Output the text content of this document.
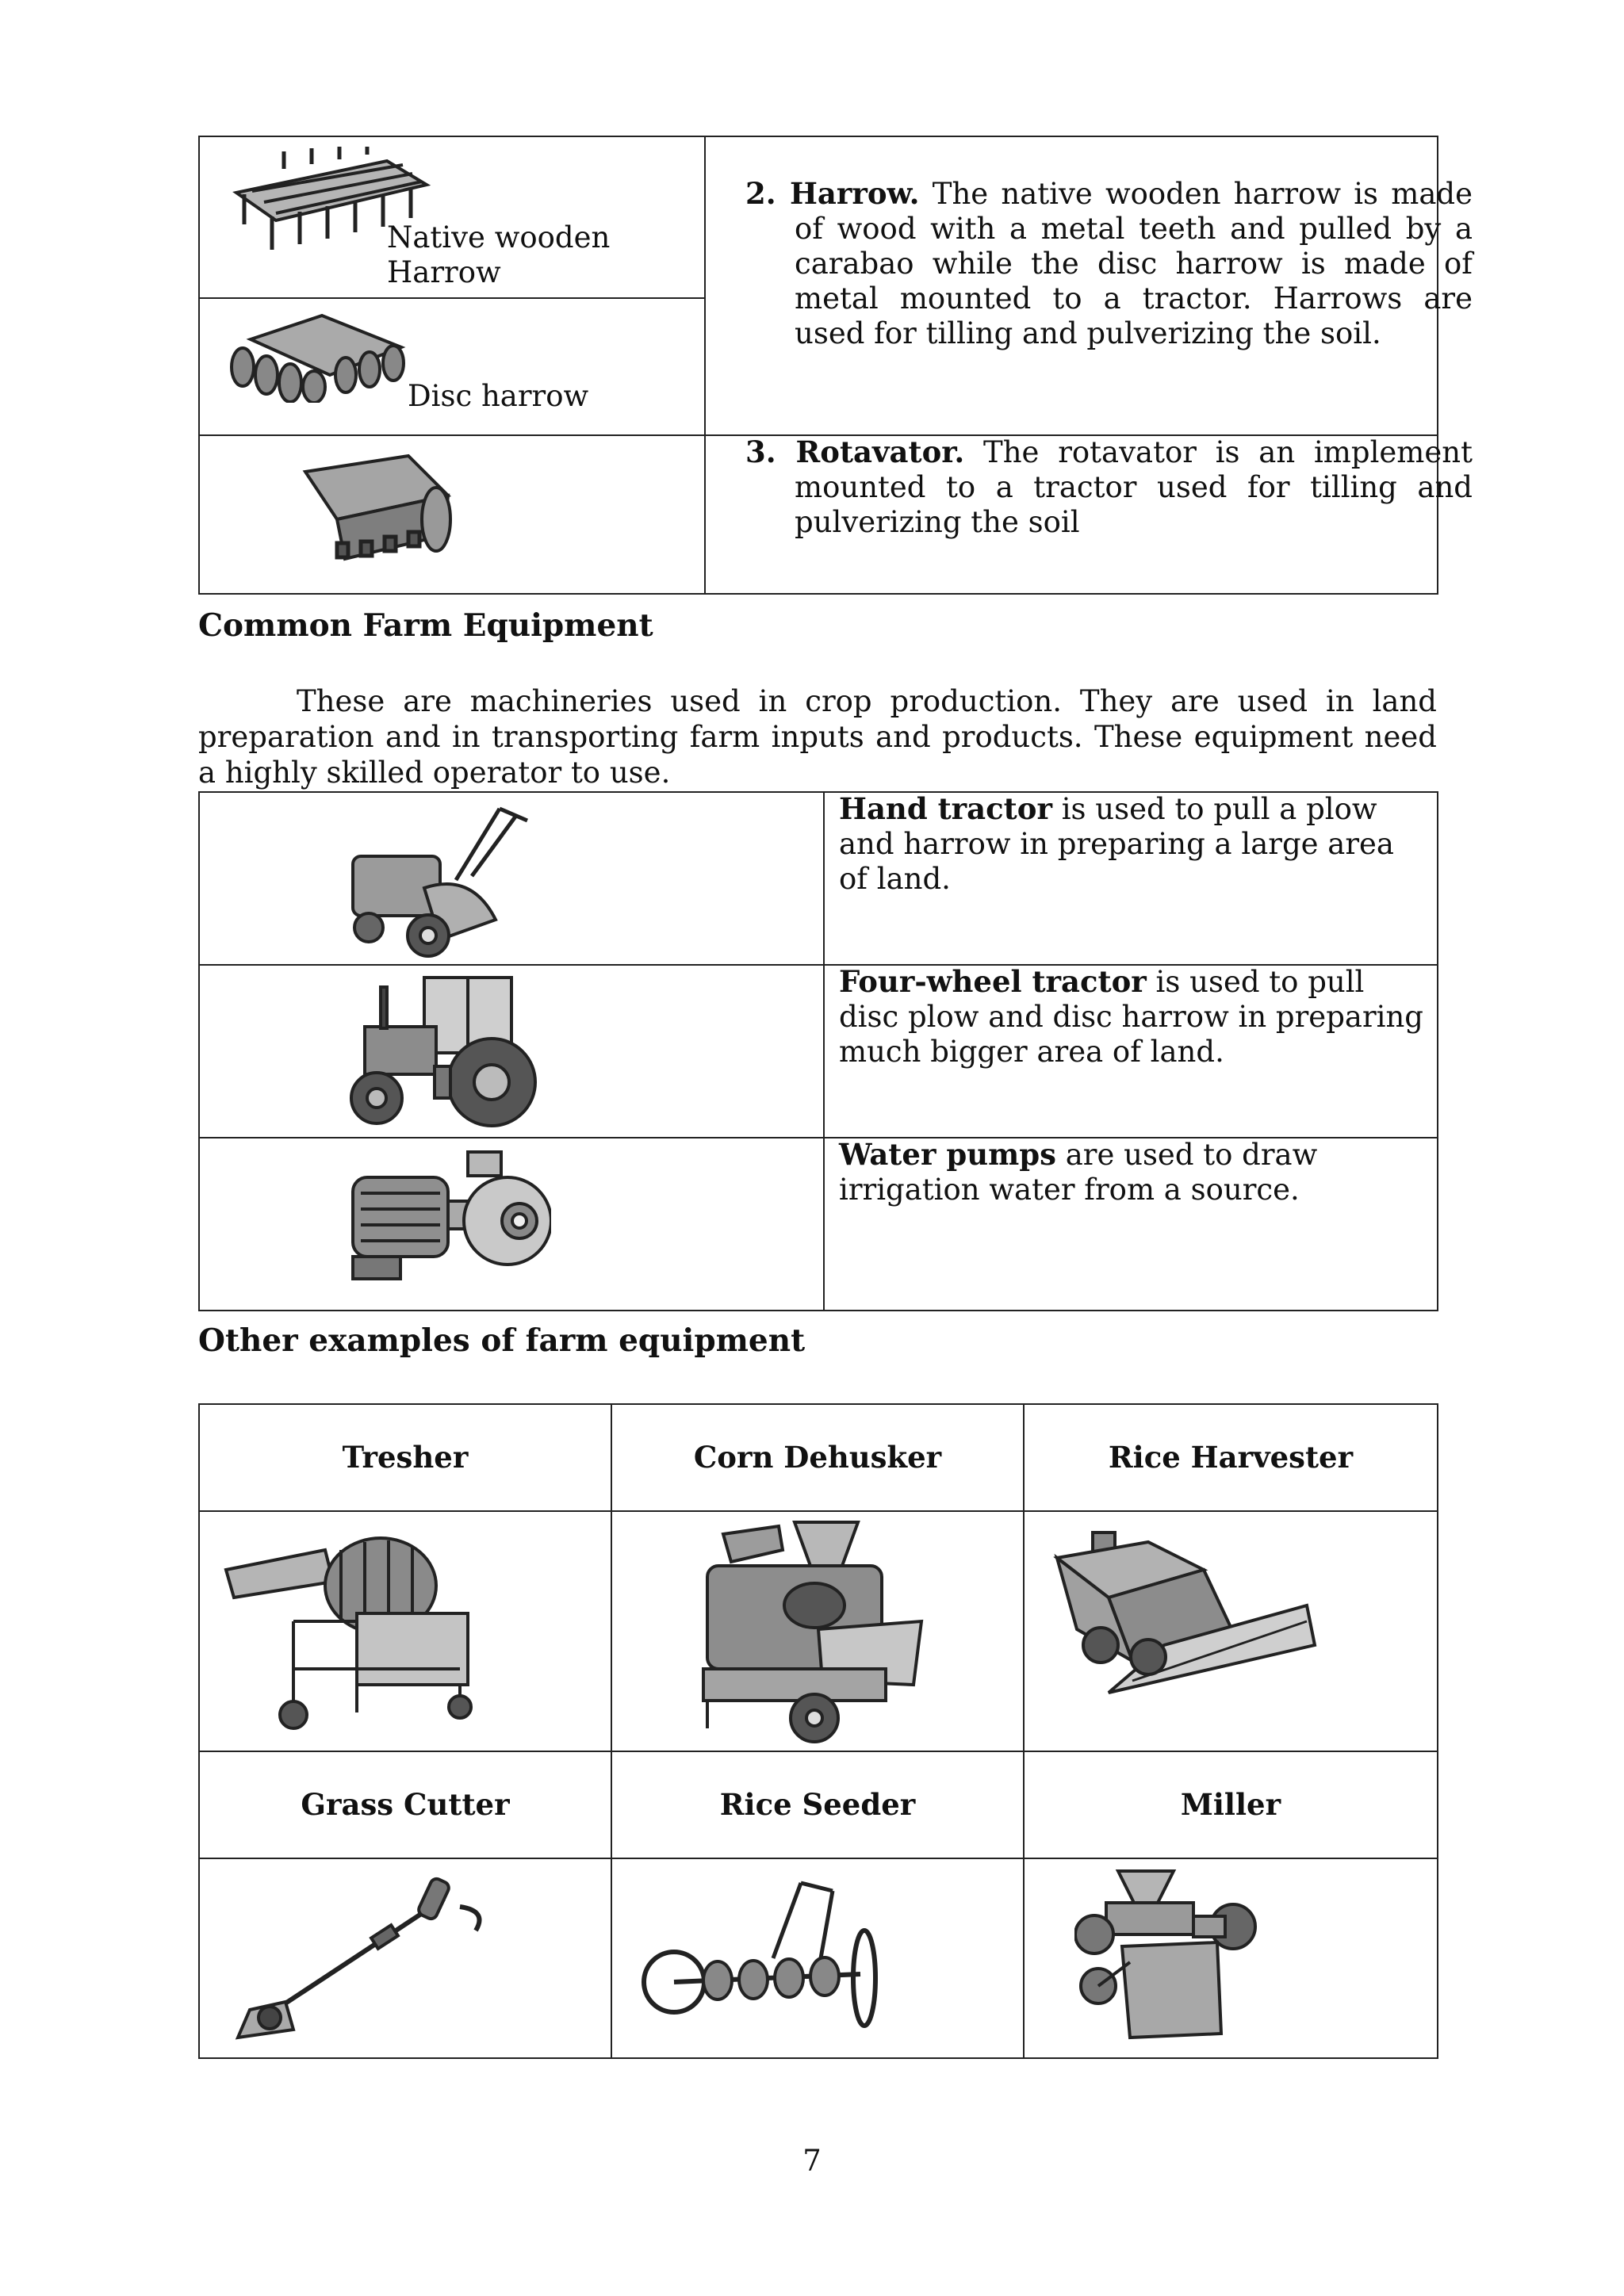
Native wooden
Harrow
Disc harrow
2. Harrow. The native wooden harrow is made of wood with a metal teeth and pulled by a carabao while the disc harrow is made of metal mounted to a tractor. Harrows are used for tilling and pulverizing the soil.
3. Rotavator. The rotavator is an implement mounted to a tractor used for tilling and pulverizing the soil
Common Farm Equipment
These are machineries used in crop production. They are used in land preparation and in transporting farm inputs and products. These equipment need a highly skilled operator to use.
Hand tractor is used to pull a plow and harrow in preparing a large area of land.
Four-wheel tractor is used to pull disc plow and disc harrow in preparing much bigger area of land.
Water pumps are used to draw irrigation water from a source.
Other examples of farm equipment
Tresher	Corn Dehusker	Rice Harvester
Grass Cutter	Rice Seeder	Miller
7
